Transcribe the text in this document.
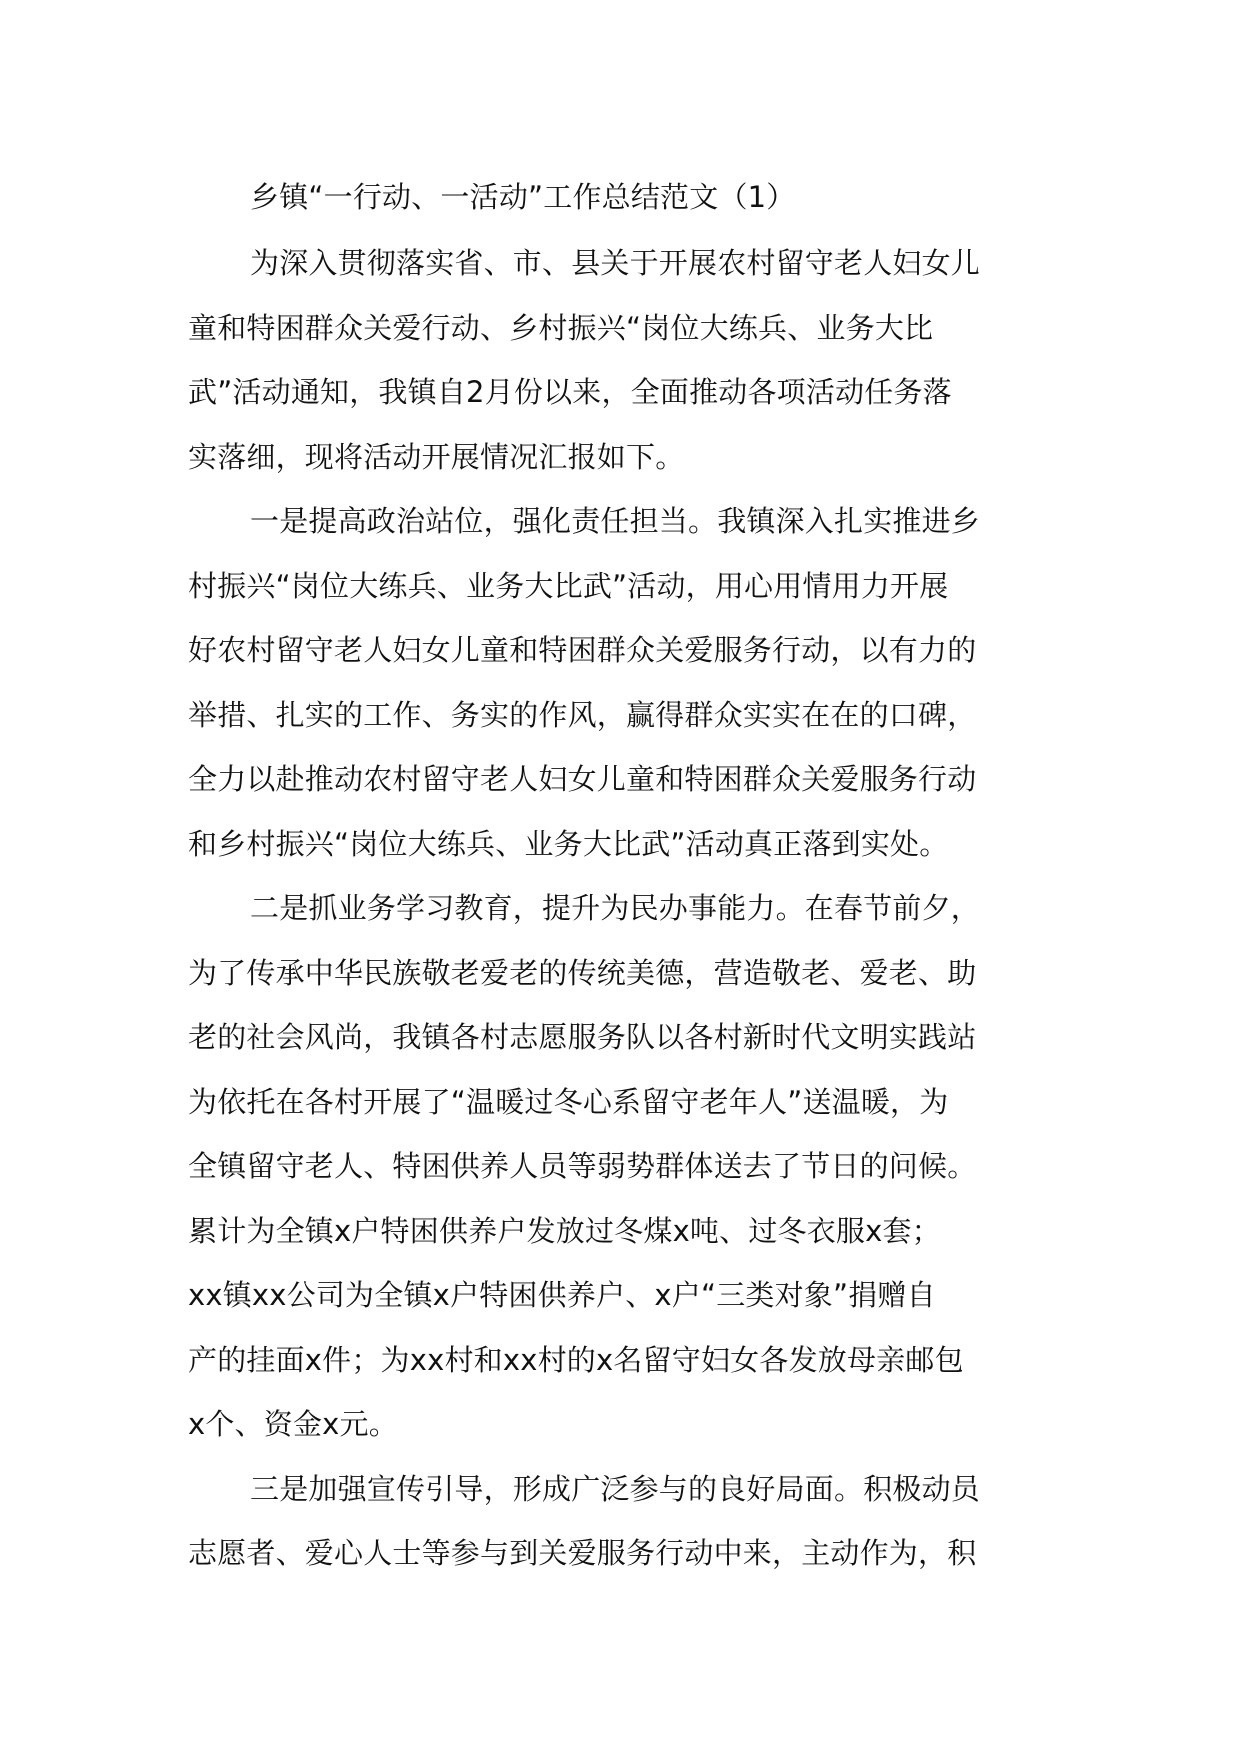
乡镇“一行动、一活动”工作总结范文（1）
为深入贯彻落实省、市、县关于开展农村留守老人妇女儿
童和特困群众关爱行动、乡村振兴“岗位大练兵、业务大比
武”活动通知，我镇自2月份以来，全面推动各项活动任务落
实落细，现将活动开展情况汇报如下。
一是提高政治站位，强化责任担当。我镇深入扎实推进乡
村振兴“岗位大练兵、业务大比武”活动，用心用情用力开展
好农村留守老人妇女儿童和特困群众关爱服务行动，以有力的
举措、扎实的工作、务实的作风，赢得群众实实在在的口碑，
全力以赴推动农村留守老人妇女儿童和特困群众关爱服务行动
和乡村振兴“岗位大练兵、业务大比武”活动真正落到实处。
二是抓业务学习教育，提升为民办事能力。在春节前夕，
为了传承中华民族敬老爱老的传统美德，营造敬老、爱老、助
老的社会风尚，我镇各村志愿服务队以各村新时代文明实践站
为依托在各村开展了“温暖过冬心系留守老年人”送温暖，为
全镇留守老人、特困供养人员等弱势群体送去了节日的问候。
累计为全镇x户特困供养户发放过冬煤x吨、过冬衣服x套；
xx镇xx公司为全镇x户特困供养户、x户“三类对象”捐赠自
产的挂面x件；为xx村和xx村的x名留守妇女各发放母亲邮包
x个、资金x元。
三是加强宣传引导，形成广泛参与的良好局面。积极动员
志愿者、爱心人士等参与到关爱服务行动中来，主动作为，积
